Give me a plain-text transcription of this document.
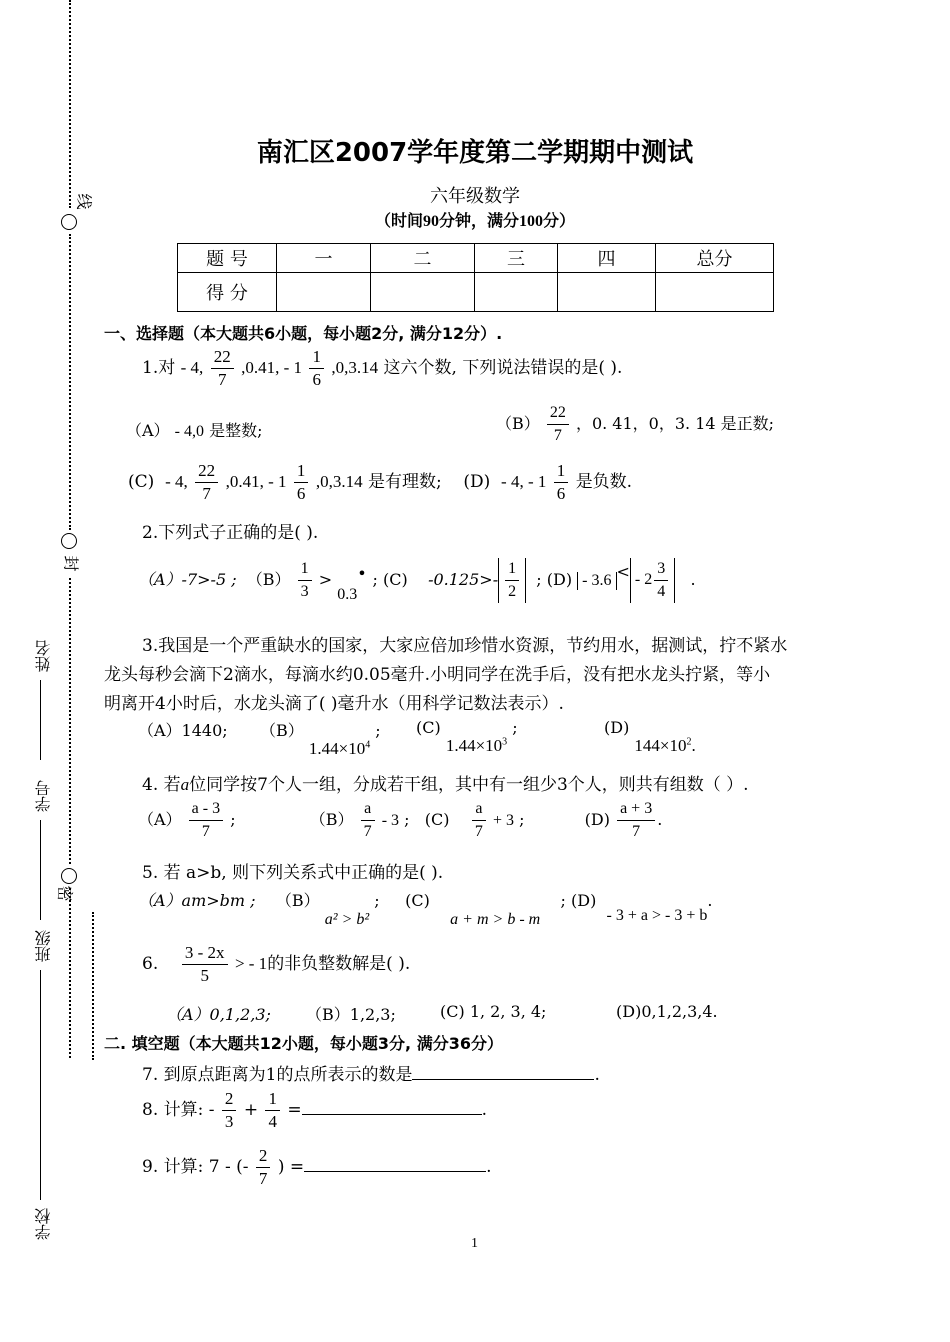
线
封
密
姓名
学号
班级
学校
南汇区2007学年度第二学期期中测试
六年级数学
（时间90分钟，满分100分）
题 号	一	二	三	四	总分
得 分					
一、选择题（本大题共6小题，每小题2分, 满分12分）.
1.对 - 4, $\frac{22}{7} ,0.41$, - $1 \frac{1}{6} ,0,3.14$ 这六个数, 下列说法错误的是( ).
（A） - 4,0 是整数;	$(B) \frac{22}{7}$ ，0. 41，0，3. 14 是正数;
(C) - 4, $\frac{22}{7} ,0.41$, - $1 \frac{1}{6} ,0,3.14$ 是有理数; (D) - 4, - $1 \frac{1}{6}$ 是负数.
2.下列式子正确的是( ).
（A）-7>-5 ; $(B) \frac{1}{3}$ > •
0.3   ; (C) $-0.125>- \frac{1}{2}$ ; (D) - 3.6 < - $2 \frac{3}{4}$ .
3.我国是一个严重缺水的国家，大家应倍加珍惜水资源，节约用水，据测试，拧不紧水
龙头每秒会滴下2滴水，每滴水约0.05毫升.小明同学在洗手后，没有把水龙头拧紧，等小
明离开4小时后，水龙头滴了( )毫升水（用科学记数法表示）.
（A）1440; （B） $1.44\times 10^4$ ; (C) $1.44\times 10^3$ ;	(D) $144\times 10^2$.
4. 若a位同学按7个人一组，分成若干组，其中有一组少3个人，则共有组数（ ）.
$(A) \frac{a - 3}{7}$ ;	$(B) \frac{a}{7} - 3$ ; $(C) \frac{a}{7} + 3$ ;	$(D) \frac{a + 3}{7}$ .
5. 若 a>b, 则下列关系式中正确的是( ).
（A）am>bm ; （B） a² > b² ; (C)    a + m > b - m    ; (D)  - 3 + a > - 3 + b.
6. $\frac{3 - 2x}{5}$ > - 1的非负整数解是( ).
（A）0,1,2,3; （B）1,2,3;	(C) 1, 2, 3, 4;	(D)0,1,2,3,4.
二. 填空题（本大题共12小题，每小题3分, 满分36分）
7. 到原点距离为1的点所表示的数是	.
8. 计算: - $\frac{2}{3} + \frac{1}{4}$ =	.
9. 计算: 7 - (- $\frac{2}{7}$ ) =	.
1
